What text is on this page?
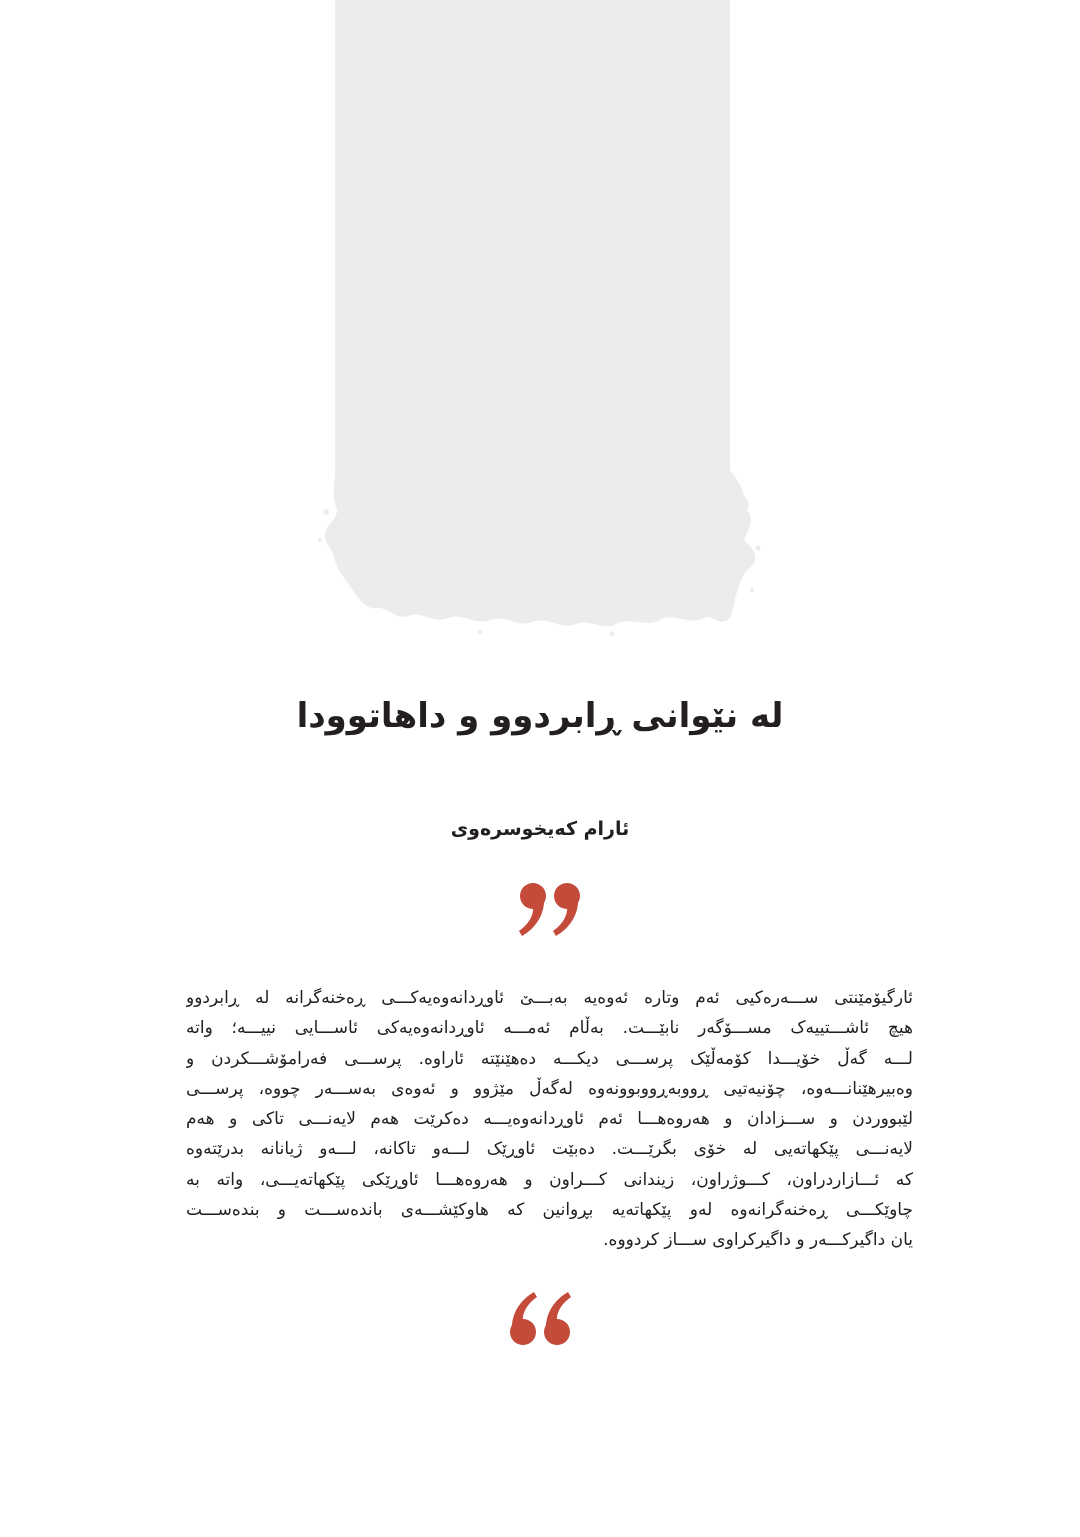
له نێوانی ڕابردوو و داهاتوودا
ئارام کەیخوسرەوی
ئارگیۆمێنتی ســـەرەکیی ئەم وتارە ئەوەیە بەبـــێ ئاوڕدانەوەیەکـــی ڕەخنەگرانە لە ڕابردوو
هیچ ئاشـــتییەک مســـۆگەر نابێـــت. بەڵام ئەمـــە ئاوڕدانەوەیەکی ئاســـایی نییـــە؛ واتە
لـــە گەڵ خۆیـــدا کۆمەڵێک پرســـی دیکـــە دەهێنێتە ئاراوە. پرســـی فەرامۆشـــکردن و
وەبیرهێنانـــەوە، چۆنیەتیی ڕووبەڕووبوونەوە لەگەڵ مێژوو و ئەوەی بەســـەر چووە، پرســـی
لێبووردن و ســـزادان و هەروەهـــا ئەم ئاوڕدانەوەیـــە دەکرێت هەم لایەنـــی تاکی و هەم
لایەنـــی پێکهاتەیی لە خۆی بگرێـــت. دەبێت ئاوڕێک لـــەو تاکانە، لـــەو ژیانانە بدرێتەوە
کە ئـــازاردراون، کـــوژراون، زیندانی کـــراون و هەروەهـــا ئاوڕێکی پێکهاتەیـــی، واتە بە
چاوێکـــی ڕەخنەگرانەوە لەو پێکهاتەیە بڕوانین کە هاوکێشـــەی باندەســـت و بندەســـت
یان داگیرکـــەر و داگیرکراوی ســـاز کردووە.
